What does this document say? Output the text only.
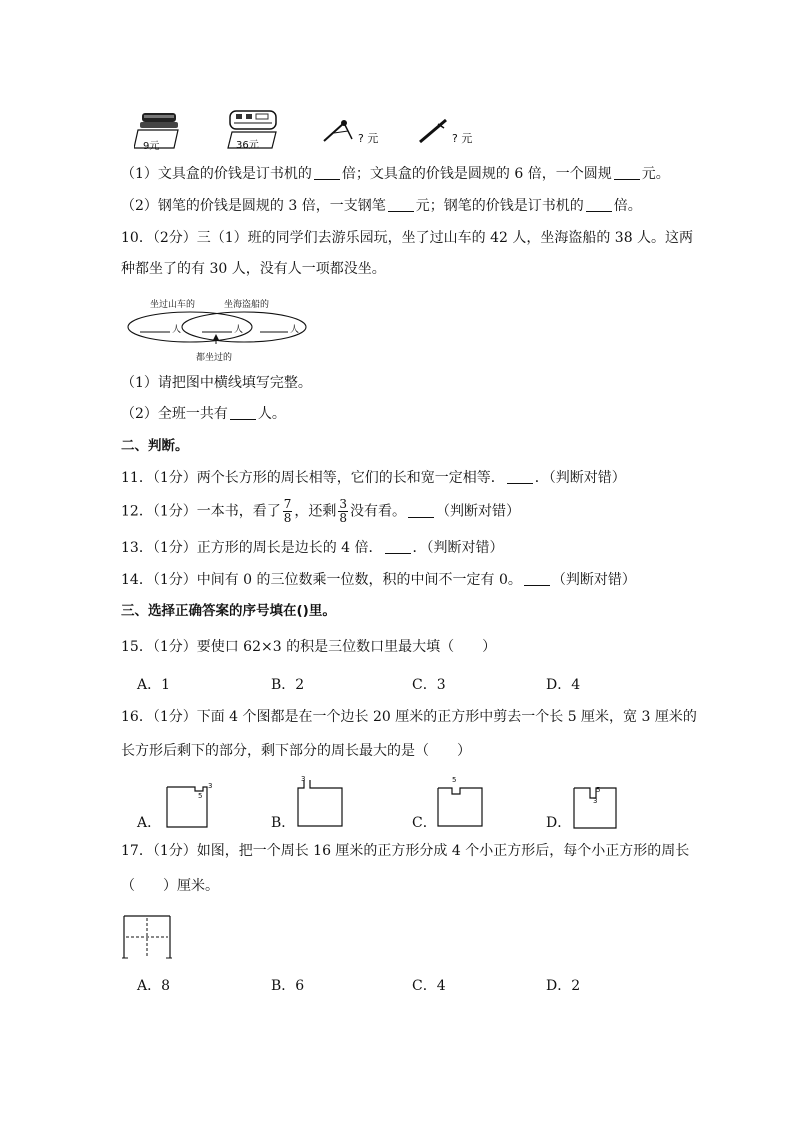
9元	36元
? 元	? 元
（1）文具盒的价钱是订书机的 倍；文具盒的价钱是圆规的 6 倍，一个圆规 元。
（2）钢笔的价钱是圆规的 3 倍，一支钢笔 元；钢笔的价钱是订书机的 倍。
10．（2分）三（1）班的同学们去游乐园玩，坐了过山车的 42 人，坐海盗船的 38 人。这两
种都坐了的有 30 人，没有人一项都没坐。
坐过山车的	坐海盗船的
人	人	人
都坐过的
（1）请把图中横线填写完整。
（2）全班一共有 人。
二、判断。
11．（1分）两个长方形的周长相等，它们的长和宽一定相等． ．（判断对错）
12．（1分）一本书，看了 $\frac{7}{8}$ ，还剩 $\frac{3}{8}$ 没有看。 （判断对错）
13．（1分）正方形的周长是边长的 4 倍． ．（判断对错）
14．（1分）中间有 0 的三位数乘一位数，积的中间不一定有 0。 （判断对错）
三、选择正确答案的序号填在()里。
15．（1分）要使口 62×3 的积是三位数口里最大填（　　）
A．1	B．2	C．3	D．4
16．（1分）下面 4 个图都是在一个边长 20 厘米的正方形中剪去一个长 5 厘米，宽 3 厘米的
长方形后剩下的部分，剩下部分的周长最大的是（　　）
A．
3
5
B．
3
C．
5
D．
5
3
17．（1分）如图，把一个周长 16 厘米的正方形分成 4 个小正方形后，每个小正方形的周长
（　　）厘米。
A．8	B．6	C．4	D．2
